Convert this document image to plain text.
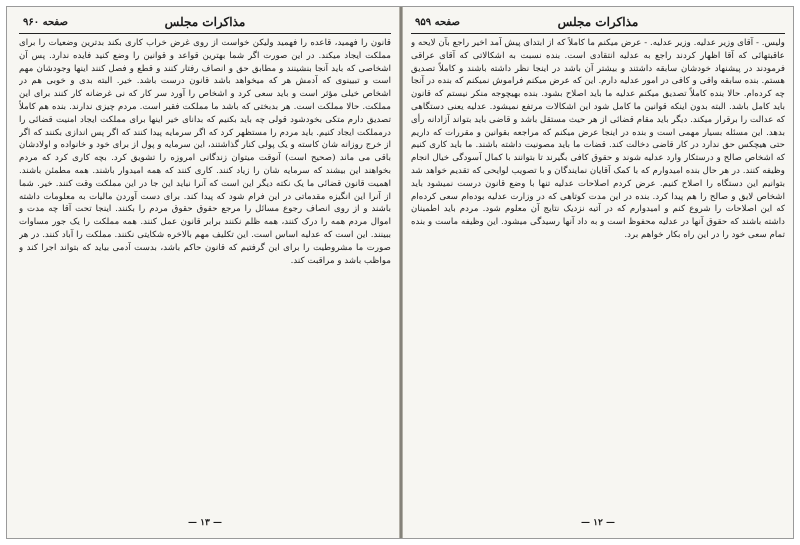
صفحه ۹۶۰	مذاکرات مجلس

قانون را فهمید، قاعده را فهمید ولیکن خواست از روی غرض خراب کاری بکند بدترین وضعیات را برای مملکت ایجاد میکند. در این صورت اگر شما بهترین قواعد و قوانین را وضع کنید فایده ندارد. پس آن اشخاصی که باید آنجا بنشینند و مطابق حق و انصاف رفتار کنند و قطع و فصل کنند اینها وجودشان مهم است و تبیینوی که آدمش هر که میخواهد باشد قانون درست باشد. خیر. البته بدی و خوبی هم در اشخاص خیلی مؤثر است و باید سعی کرد و اشخاص را آورد سر کار که نی غرضانه کار کنند برای این مملکت. حالا مملکت است. هر بدبختی که باشد ما مملکت فقیر است. مردم چیزی ندارند. بنده هم کاملاً تصدیق دارم متکی بخودشود قولی چه باید بکنیم که بدانای خیر اینها برای مملکت ایجاد امنیت قضائی را درمملکت ایجاد کنیم. باید مردم را مستظهر کرد که اگر سرمایه پیدا کنند که اگر پس اندازی بکنند که اگر از خرج روزانه شان کاسته و یک پولی کنار گذاشتند، این سرمایه و پول از برای خود و خانواده و اولادشان باقی می ماند (صحیح است) آنوقت میتوان زندگانی امروزه را تشویق کرد. بچه کاری کرد که مردم بخواهند این بیشند که سرمایه شان را زیاد کنند. کاری کنند که همه امیدوار باشند. همه مطمئن باشند. اهمیت قانون قضائی ما یک نکته دیگر این است که آنرا نباید این جا در این مملکت وقت کنند. خیر. شما از آنرا این انگیزه مقدماتی در این فرام شود که پیدا کند. برای دست آوردن مالیات به معلومات داشته باشند و از روی انصاف رجوع مسائل را مرجع حقوق حقوق مردم را بکنند. اینجا تحت آقا چه مدت و اموال مردم همه را درک کنند، همه ظلم نکنند برابر قانون عمل کنند. همه مملکت را یک جور مساوات ببینند. این است که عدلیه اساس است. این تکلیف مهم بالاخره شکایتی نکنند. مملکت را آباد کنند. در هر صورت ما مشروطیت را برای این گرفتیم که قانون حاکم باشد، بدست آدمی بیاید که بتواند اجرا کند و مواظب باشد و مراقبت کند.

— ۱۳ —
صفحه ۹۵۹	مذاکرات مجلس

ولیس. - آقای وزیر عدلیه. وزیر عدلیه. - عرض میکنم ما کاملاً که از ابتدای پیش آمد اخیر راجع بآن لایحه و عاقبتهائی که آقا اظهار کردند راجع به عدلیه انتقادی است. بنده نسبت به اشکالاتی که آقای عراقی فرمودند در پیشنهاد خودشان سابقه داشتند و بیشتر آن باشد در اینجا نظر داشته باشند و کاملاً تصدیق هستم. بنده سابقه وافی و کافی در امور عدلیه دارم. این که عرض میکنم فراموش نمیکنم که بنده در آنجا چه کرده‌ام. حالا بنده کاملاً تصدیق میکنم عدلیه ما باید اصلاح بشود. بنده بهیچوجه منکر نیستم که قانون باید کامل باشد. البته بدون اینکه قوانین ما کامل شود این اشکالات مرتفع نمیشود. عدلیه یعنی دستگاهی که عدالت را برقرار میکند. دیگر باید مقام قضائی از هر حیث مستقل باشد و قاضی باید بتواند آزادانه رأی بدهد. این مسئله بسیار مهمی است و بنده در اینجا عرض میکنم که مراجعه بقوانین و مقررات که داریم حتی هیچکس حق ندارد در کار قاضی دخالت کند. قضات ما باید مصونیت داشته باشند. ما باید کاری کنیم که اشخاص صالح و درستکار وارد عدلیه شوند و حقوق کافی بگیرند تا بتوانند با کمال آسودگی خیال انجام وظیفه کنند. در هر حال بنده امیدوارم که با کمک آقایان نمایندگان و با تصویب لوایحی که تقدیم خواهد شد بتوانیم این دستگاه را اصلاح کنیم. عرض کردم اصلاحات عدلیه تنها با وضع قانون درست نمیشود باید اشخاص لایق و صالح را هم پیدا کرد. بنده در این مدت کوتاهی که در وزارت عدلیه بوده‌ام سعی کرده‌ام که این اصلاحات را شروع کنم و امیدوارم که در آتیه نزدیک نتایج آن معلوم شود. مردم باید اطمینان داشته باشند که حقوق آنها در عدلیه محفوظ است و به داد آنها رسیدگی میشود. این وظیفه ماست و بنده تمام سعی خود را در این راه بکار خواهم برد.

— ۱۲ —
